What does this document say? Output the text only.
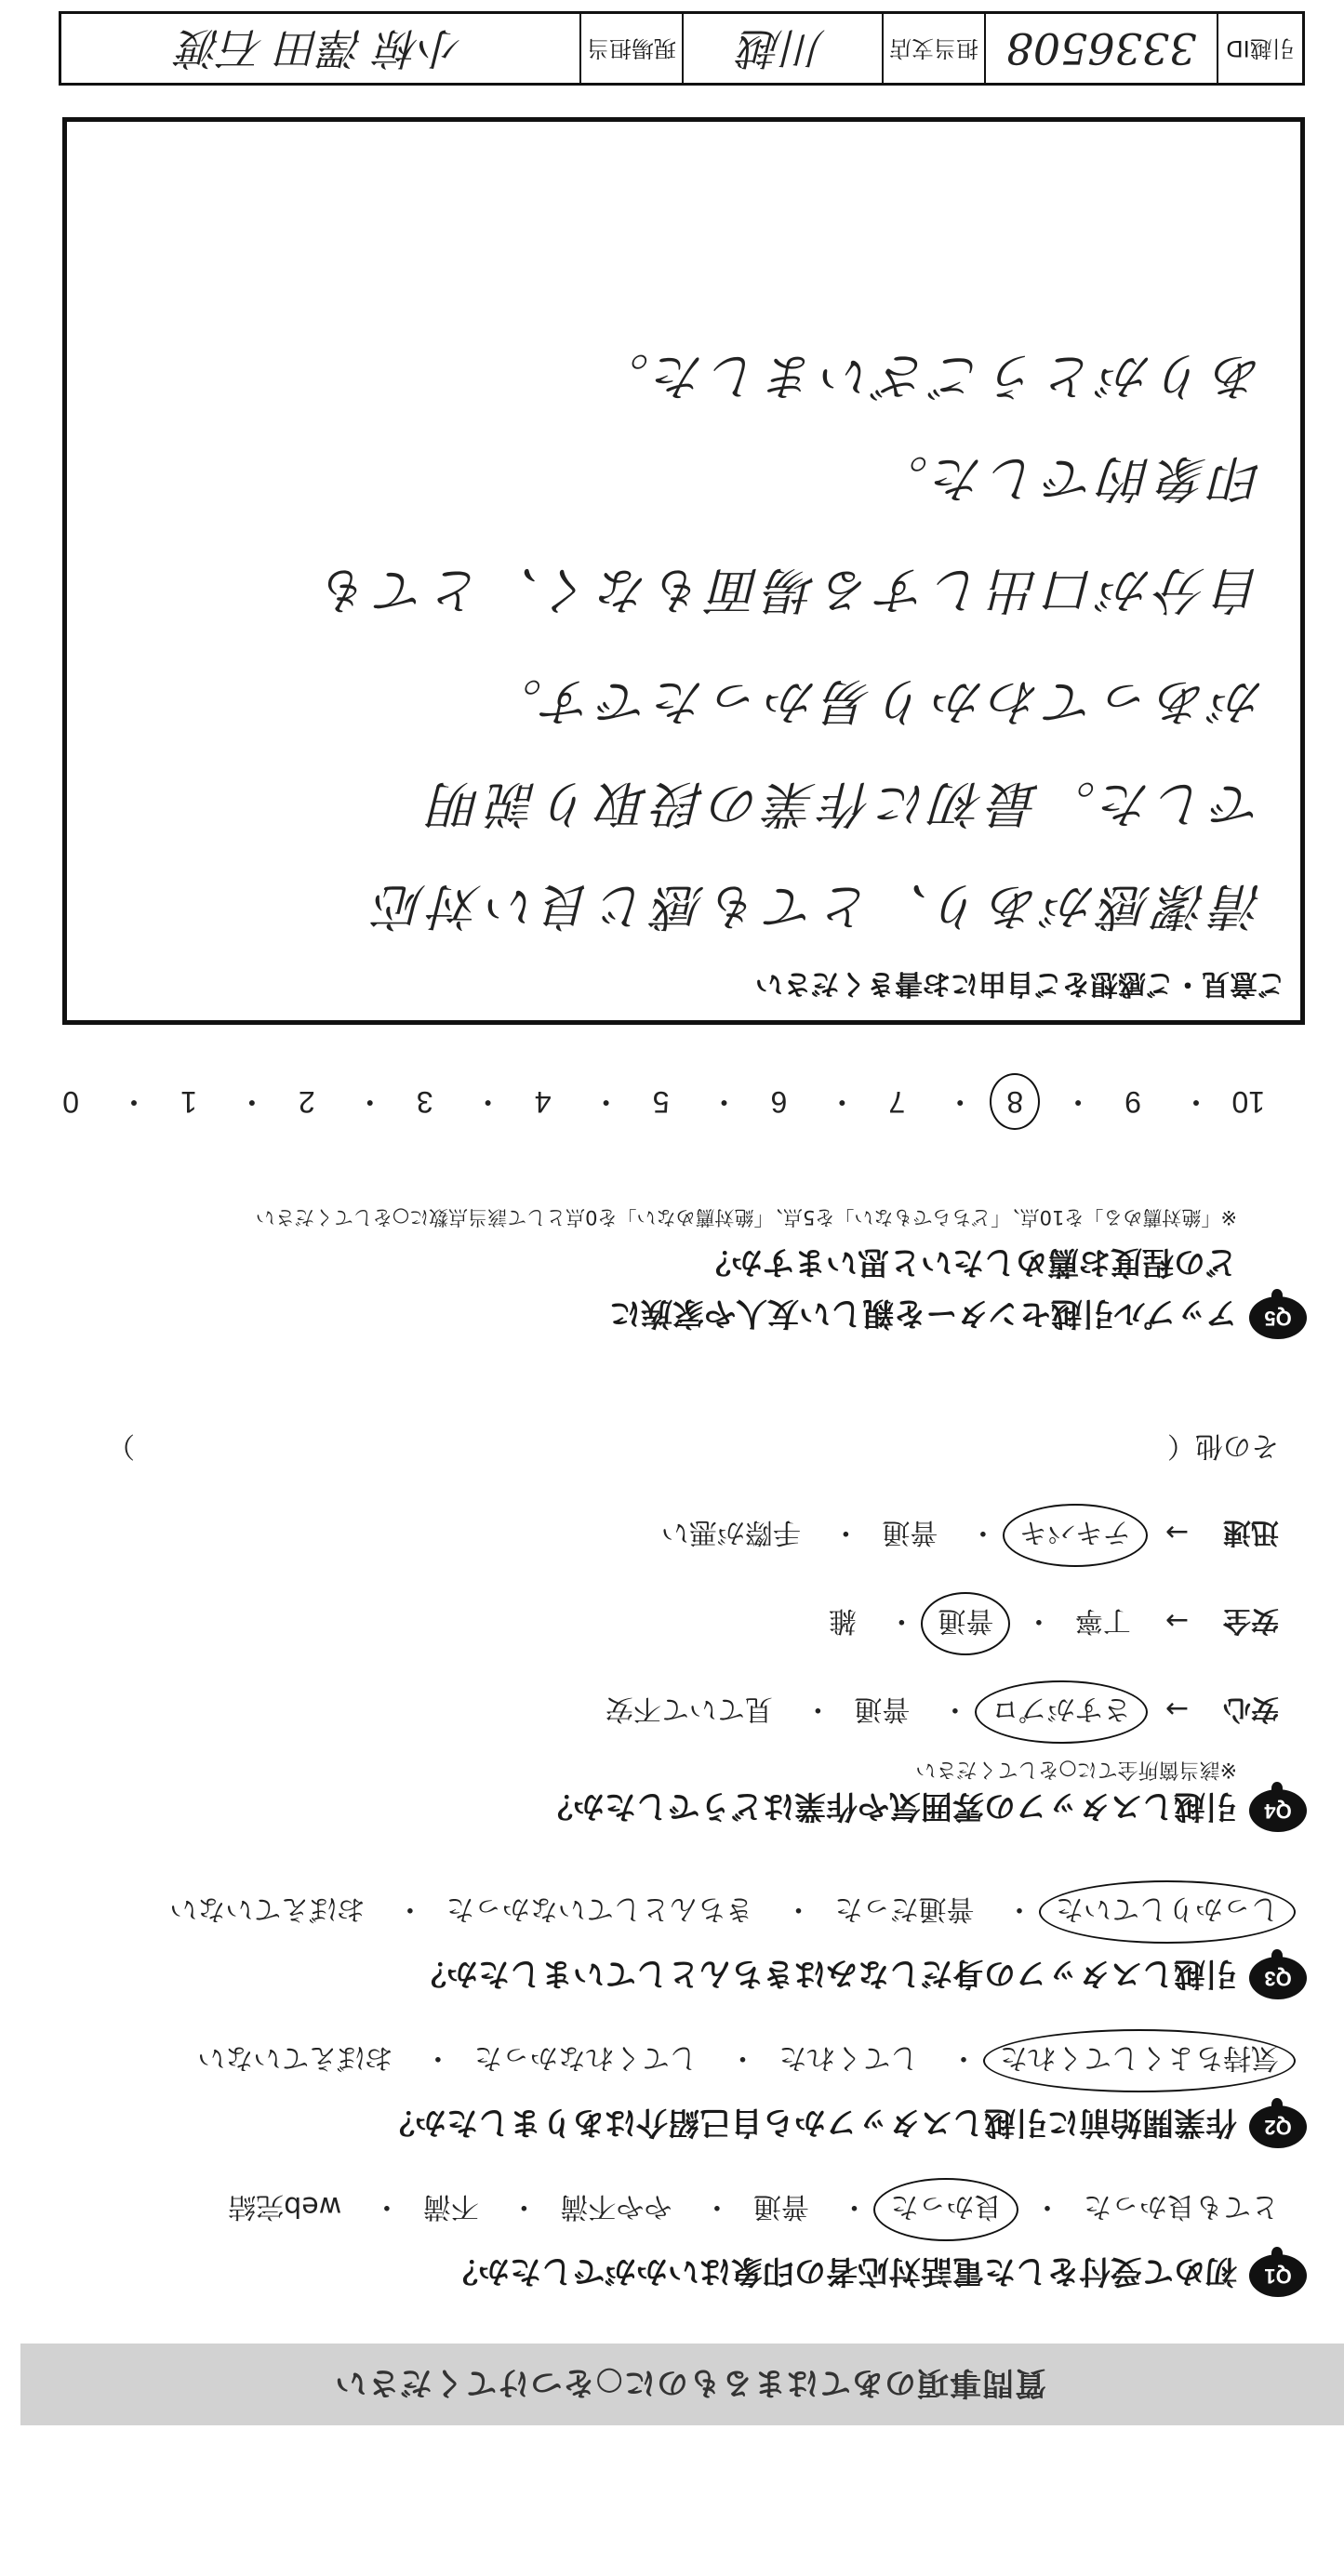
質問事項のあてはまるものに○をつけてください
Q1
初めて受付をした電話対応者の印象はいかがでしたか？
とても良かった・ 良かった・ 普通・ やや不満・ 不満・ web完結
Q2
作業開始前に引越しスタッフから自己紹介はありましたか？
気持ちよくしてくれた・ してくれた・ してくれなかった・ おぼえていない
Q3
引越しスタッフの身だしなみはきちんとしていましたか？
しっかりしていた・ 普通だった・ きちんとしていなかった・ おぼえていない
Q4
引越しスタッフの雰囲気や作業はどうでしたか？
※該当箇所全てに○をしてください
安心 → さすがプロ・ 普通・ 見ていて不安
安全 → 丁寧・ 普通・ 雑
迅速 → テキパキ・ 普通・ 手際が悪い
その他（
）
Q5
アップル引越センターを親しい友人や家族に
どの程度お薦めしたいと思いますか？
※「絶対薦める」を10点、「どちらでもない」を5点、「絶対薦めない」を0点として該当点数に○をしてください
10・ 9・ 8・ 7・ 6・ 5・ 4・ 3・ 2・ 1・ 0
ご意見・ご感想をご自由にお書きください
清潔感があり、とても感じ良い対応
でした。最初に作業の段取り説明
があってわかり易かったです。
自分が口出しする場面もなく、とても
印象的でした。
ありがとうございました。
引越ID
3336508
担当支店
川越
現場担当
小椋 澤田 石渡
